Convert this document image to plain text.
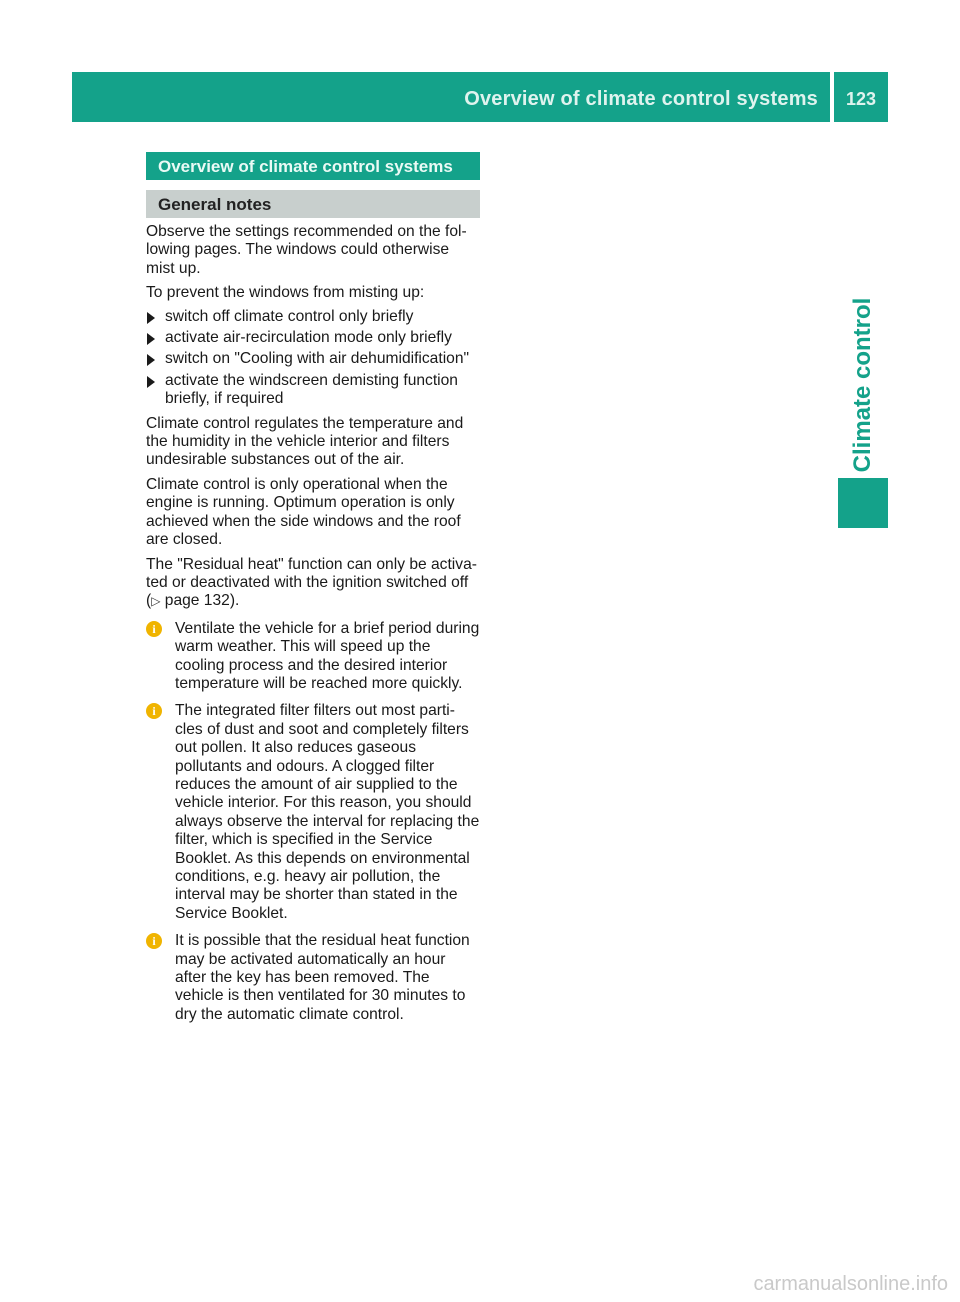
Overview of climate control systems	123
Climate control
Overview of climate control systems
General notes

Observe the settings recommended on the fol-lowing pages. The windows could otherwise mist up.

To prevent the windows from misting up:

switch off climate control only briefly
activate air-recirculation mode only briefly
switch on "Cooling with air dehumidification"
activate the windscreen demisting function briefly, if required

Climate control regulates the temperature and the humidity in the vehicle interior and filters undesirable substances out of the air.

Climate control is only operational when the engine is running. Optimum operation is only achieved when the side windows and the roof are closed.

The "Residual heat" function can only be activa-ted or deactivated with the ignition switched off (▷ page 132).

i	Ventilate the vehicle for a brief period during warm weather. This will speed up the cooling process and the desired interior temperature will be reached more quickly.
i	The integrated filter filters out most parti-cles of dust and soot and completely filters out pollen. It also reduces gaseous pollutants and odours. A clogged filter reduces the amount of air supplied to the vehicle interior. For this reason, you should always observe the interval for replacing the filter, which is specified in the Service Booklet. As this depends on environmental conditions, e.g. heavy air pollution, the interval may be shorter than stated in the Service Booklet.
i	It is possible that the residual heat function may be activated automatically an hour after the key has been removed. The vehicle is then ventilated for 30 minutes to dry the automatic climate control.
carmanualsonline.info
